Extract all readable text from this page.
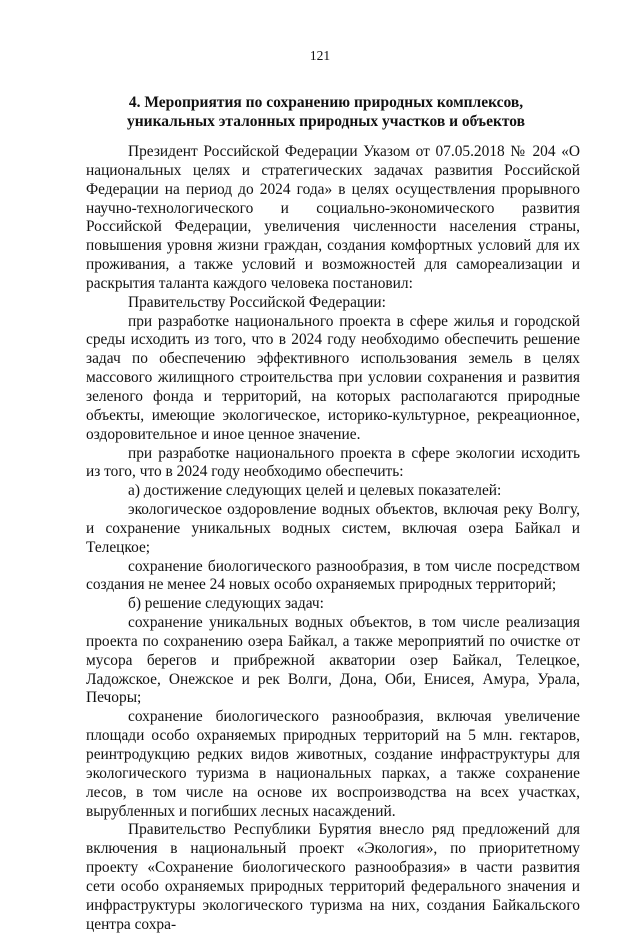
121
4. Мероприятия по сохранению природных комплексов,
уникальных эталонных природных участков и объектов

Президент Российской Федерации Указом от 07.05.2018 № 204 «О национальных целях и стратегических задачах развития Российской Федерации на период до 2024 года» в целях осуществления прорывного научно-технологического и социально-экономического развития Российской Федерации, увеличения численности населения страны, повышения уровня жизни граждан, создания комфортных условий для их проживания, а также условий и возможностей для самореализации и раскрытия таланта каждого человека постановил:

Правительству Российской Федерации:

при разработке национального проекта в сфере жилья и городской среды исходить из того, что в 2024 году необходимо обеспечить решение задач по обеспечению эффективного использования земель в целях массового жилищного строительства при условии сохранения и развития зеленого фонда и территорий, на которых располагаются природные объекты, имеющие экологическое, историко-культурное, рекреационное, оздоровительное и иное ценное значение.

при разработке национального проекта в сфере экологии исходить из того, что в 2024 году необходимо обеспечить:

а) достижение следующих целей и целевых показателей:

экологическое оздоровление водных объектов, включая реку Волгу, и сохранение уникальных водных систем, включая озера Байкал и Телецкое;

сохранение биологического разнообразия, в том числе посредством создания не менее 24 новых особо охраняемых природных территорий;

б) решение следующих задач:

сохранение уникальных водных объектов, в том числе реализация проекта по сохранению озера Байкал, а также мероприятий по очистке от мусора берегов и прибрежной акватории озер Байкал, Телецкое, Ладожское, Онежское и рек Волги, Дона, Оби, Енисея, Амура, Урала, Печоры;

сохранение биологического разнообразия, включая увеличение площади особо охраняемых природных территорий на 5 млн. гектаров, реинтродукцию редких видов животных, создание инфраструктуры для экологического туризма в национальных парках, а также сохранение лесов, в том числе на основе их воспроизводства на всех участках, вырубленных и погибших лесных насаждений.

Правительство Республики Бурятия внесло ряд предложений для включения в национальный проект «Экология», по приоритетному проекту «Сохранение биологического разнообразия» в части развития сети особо охраняемых природных территорий федерального значения и инфраструктуры экологического туризма на них, создания Байкальского центра сохра-
